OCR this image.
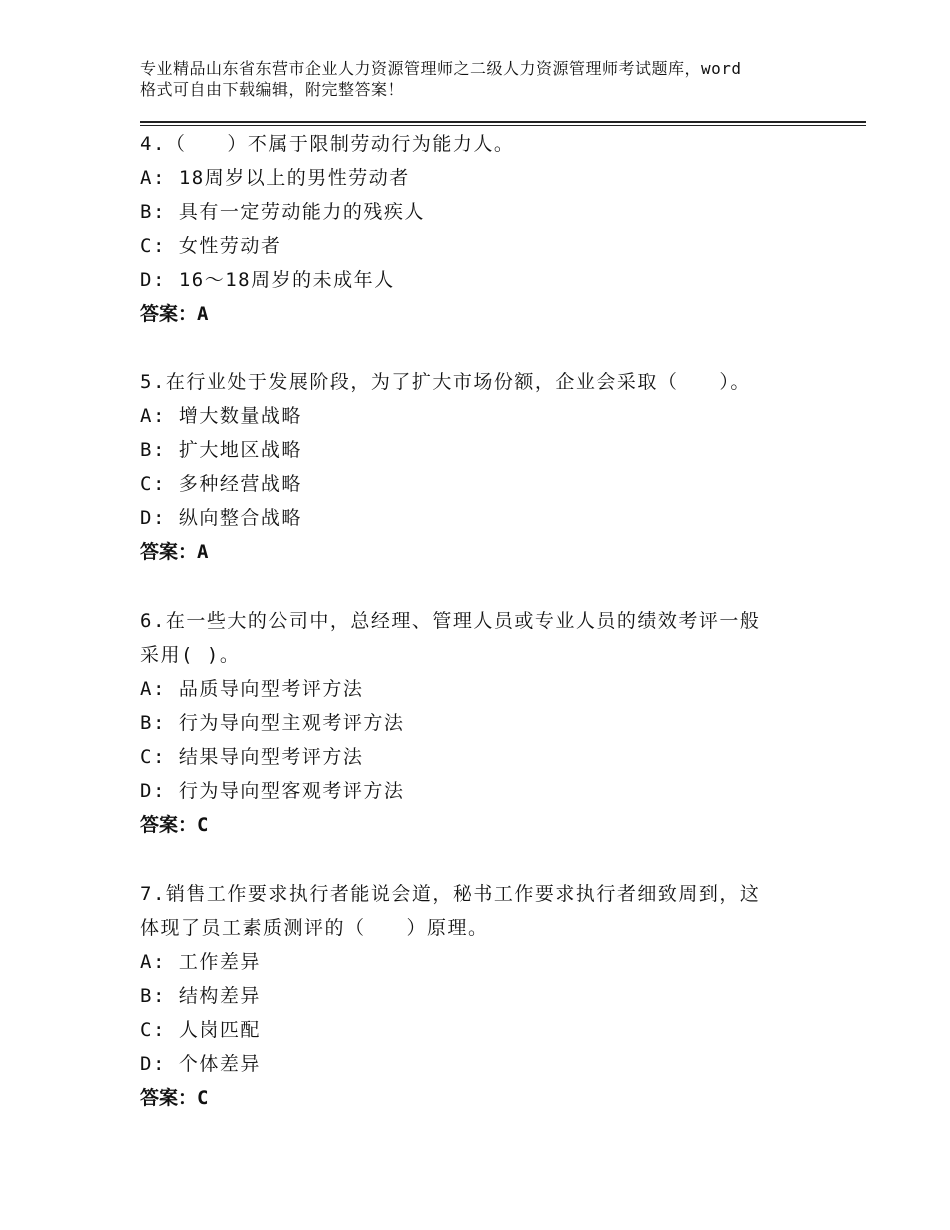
专业精品山东省东营市企业人力资源管理师之二级人力资源管理师考试题库，word
格式可自由下载编辑，附完整答案！

4.（　　）不属于限制劳动行为能力人。

A: 18周岁以上的男性劳动者

B: 具有一定劳动能力的残疾人

C: 女性劳动者

D: 16～18周岁的未成年人

答案：A

5.在行业处于发展阶段，为了扩大市场份额，企业会采取（　　）。

A: 增大数量战略

B: 扩大地区战略

C: 多种经营战略

D: 纵向整合战略

答案：A

6.在一些大的公司中，总经理、管理人员或专业人员的绩效考评一般

采用( )。

A: 品质导向型考评方法

B: 行为导向型主观考评方法

C: 结果导向型考评方法

D: 行为导向型客观考评方法

答案：C

7.销售工作要求执行者能说会道，秘书工作要求执行者细致周到，这

体现了员工素质测评的（　　）原理。

A: 工作差异

B: 结构差异

C: 人岗匹配

D: 个体差异

答案：C
